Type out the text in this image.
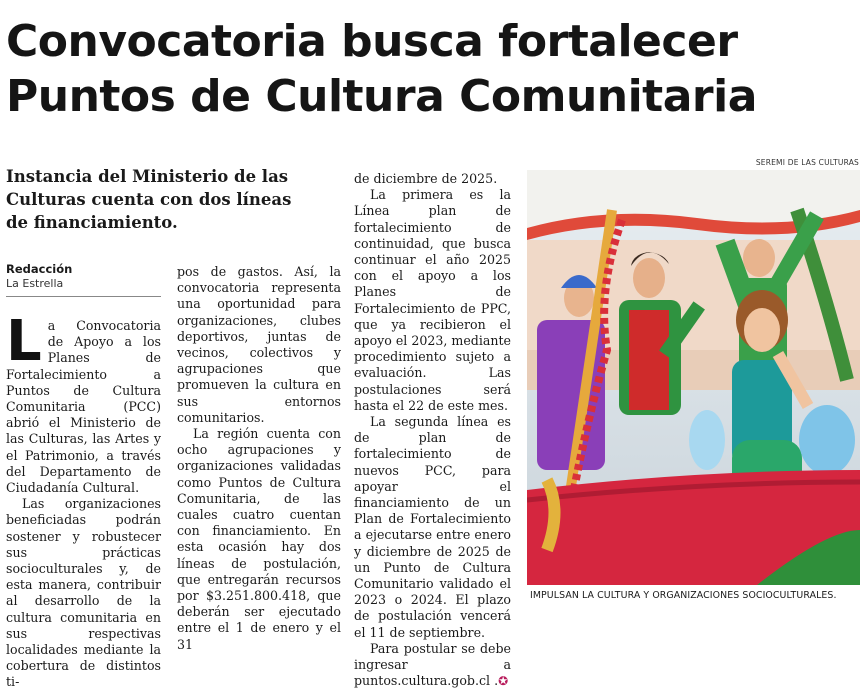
Convocatoria busca fortalecer Puntos de Cultura Comunitaria

Instancia del Ministerio de las Culturas cuenta con dos líneas de financiamiento.

Redacción
La Estrella
L a Convocatoria de Apoyo a los Planes de Fortalecimiento a Puntos de Cultura Comunitaria (PCC) abrió el Ministerio de las Culturas, las Artes y el Patrimonio, a través del Departamento de Ciudadanía Cultural.

Las organizaciones beneficiadas podrán sostener y robustecer sus prácticas socioculturales y, de esta manera, contribuir al desarrollo de la cultura comunitaria en sus respectivas localidades mediante la cobertura de distintos ti-

pos de gastos. Así, la convocatoria representa una oportunidad para organizaciones, clubes deportivos, juntas de vecinos, colectivos y agrupaciones que promueven la cultura en sus entornos comunitarios.

La región cuenta con ocho agrupaciones y organizaciones validadas como Puntos de Cultura Comunitaria, de las cuales cuatro cuentan con financiamiento. En esta ocasión hay dos líneas de postulación, que entregarán recursos por $3.251.800.418, que deberán ser ejecutado entre el 1 de enero y el 31

de diciembre de 2025.

La primera es la Línea plan de fortalecimiento de continuidad, que busca continuar el año 2025 con el apoyo a los Planes de Fortalecimiento de PPC, que ya recibieron el apoyo el 2023, mediante procedimiento sujeto a evaluación. Las postulaciones será hasta el 22 de este mes.

La segunda línea es de plan de fortalecimiento de nuevos PCC, para apoyar el financiamiento de un Plan de Fortalecimiento a ejecutarse entre enero y diciembre de 2025 de un Punto de Cultura Comunitario validado el 2023 o 2024. El plazo de postulación vencerá el 11 de septiembre.

Para postular se debe ingresar a puntos.cultura.gob.cl .✪

SEREMI DE LAS CULTURAS
IMPULSAN LA CULTURA Y ORGANIZACIONES SOCIOCULTURALES.
